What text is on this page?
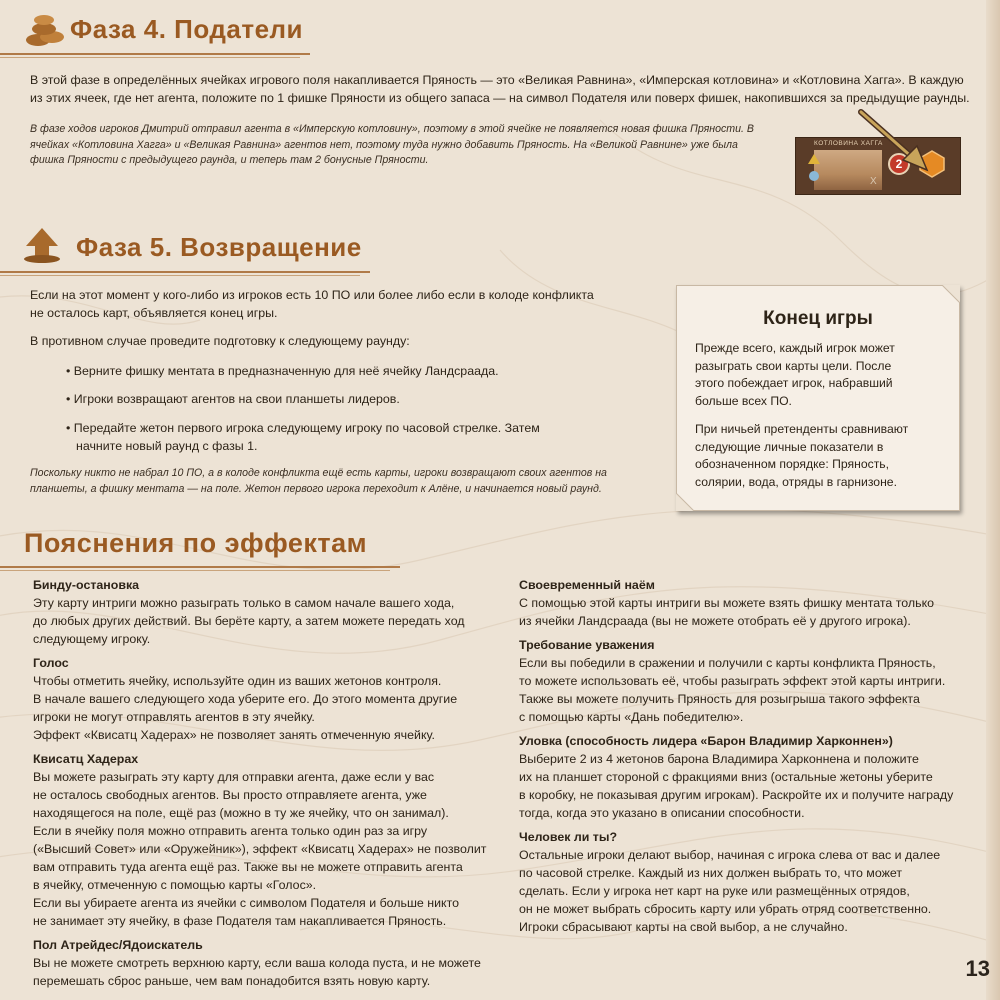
Фаза 4. Податели
В этой фазе в определённых ячейках игрового поля накапливается Пряность — это «Великая Равнина», «Имперская котловина» и «Котловина Хагга». В каждую из этих ячеек, где нет агента, положите по 1 фишке Пряности из общего запаса — на символ Подателя или поверх фишек, накопившихся за предыдущие раунды.
В фазе ходов игроков Дмитрий отправил агента в «Имперскую котловину», поэтому в этой ячейке не появляется новая фишка Пряности. В ячейках «Котловина Хагга» и «Великая Равнина» агентов нет, поэтому туда нужно добавить Пряность. На «Великой Равнине» уже была фишка Пряности с предыдущего раунда, и теперь там 2 бонусные Пряности.
КОТЛОВИНА ХАГГА
X
2
Фаза 5. Возвращение
Если на этот момент у кого-либо из игроков есть 10 ПО или более либо если в колоде конфликта не осталось карт, объявляется конец игры.
В противном случае проведите подготовку к следующему раунду:
• Верните фишку ментата в предназначенную для неё ячейку Ландсраада.
• Игроки возвращают агентов на свои планшеты лидеров.
• Передайте жетон первого игрока следующему игроку по часовой стрелке. Затем начните новый раунд с фазы 1.
Поскольку никто не набрал 10 ПО, а в колоде конфликта ещё есть карты, игроки возвращают своих агентов на планшеты, а фишку ментата — на поле. Жетон первого игрока переходит к Алёне, и начинается новый раунд.
Конец игры
Прежде всего, каждый игрок может разыграть свои карты цели. После этого побеждает игрок, набравший больше всех ПО.
При ничьей претенденты сравнивают следующие личные показатели в обозначенном порядке: Пряность, солярии, вода, отряды в гарнизоне.
Пояснения по эффектам
Бинду-остановка
Эту карту интриги можно разыграть только в самом начале вашего хода,
до любых других действий. Вы берёте карту, а затем можете передать ход
следующему игроку.
Голос
Чтобы отметить ячейку, используйте один из ваших жетонов контроля.
В начале вашего следующего хода уберите его. До этого момента другие
игроки не могут отправлять агентов в эту ячейку.
Эффект «Квисатц Хадерах» не позволяет занять отмеченную ячейку.
Квисатц Хадерах
Вы можете разыграть эту карту для отправки агента, даже если у вас
не осталось свободных агентов. Вы просто отправляете агента, уже
находящегося на поле, ещё раз (можно в ту же ячейку, что он занимал).
Если в ячейку поля можно отправить агента только один раз за игру
(«Высший Совет» или «Оружейник»), эффект «Квисатц Хадерах» не позволит
вам отправить туда агента ещё раз. Также вы не можете отправить агента
в ячейку, отмеченную с помощью карты «Голос».
Если вы убираете агента из ячейки с символом Подателя и больше никто
не занимает эту ячейку, в фазе Подателя там накапливается Пряность.
Пол Атрейдес/Ядоискатель
Вы не можете смотреть верхнюю карту, если ваша колода пуста, и не можете
перемешать сброс раньше, чем вам понадобится взять новую карту.
Своевременный наём
С помощью этой карты интриги вы можете взять фишку ментата только
из ячейки Ландсраада (вы не можете отобрать её у другого игрока).
Требование уважения
Если вы победили в сражении и получили с карты конфликта Пряность,
то можете использовать её, чтобы разыграть эффект этой карты интриги.
Также вы можете получить Пряность для розыгрыша такого эффекта
с помощью карты «Дань победителю».
Уловка (способность лидера «Барон Владимир Харконнен»)
Выберите 2 из 4 жетонов барона Владимира Харконнена и положите
их на планшет стороной с фракциями вниз (остальные жетоны уберите
в коробку, не показывая другим игрокам). Раскройте их и получите награду
тогда, когда это указано в описании способности.
Человек ли ты?
Остальные игроки делают выбор, начиная с игрока слева от вас и далее
по часовой стрелке. Каждый из них должен выбрать то, что может
сделать. Если у игрока нет карт на руке или размещённых отрядов,
он не может выбрать сбросить карту или убрать отряд соответственно.
Игроки сбрасывают карты на свой выбор, а не случайно.
13
